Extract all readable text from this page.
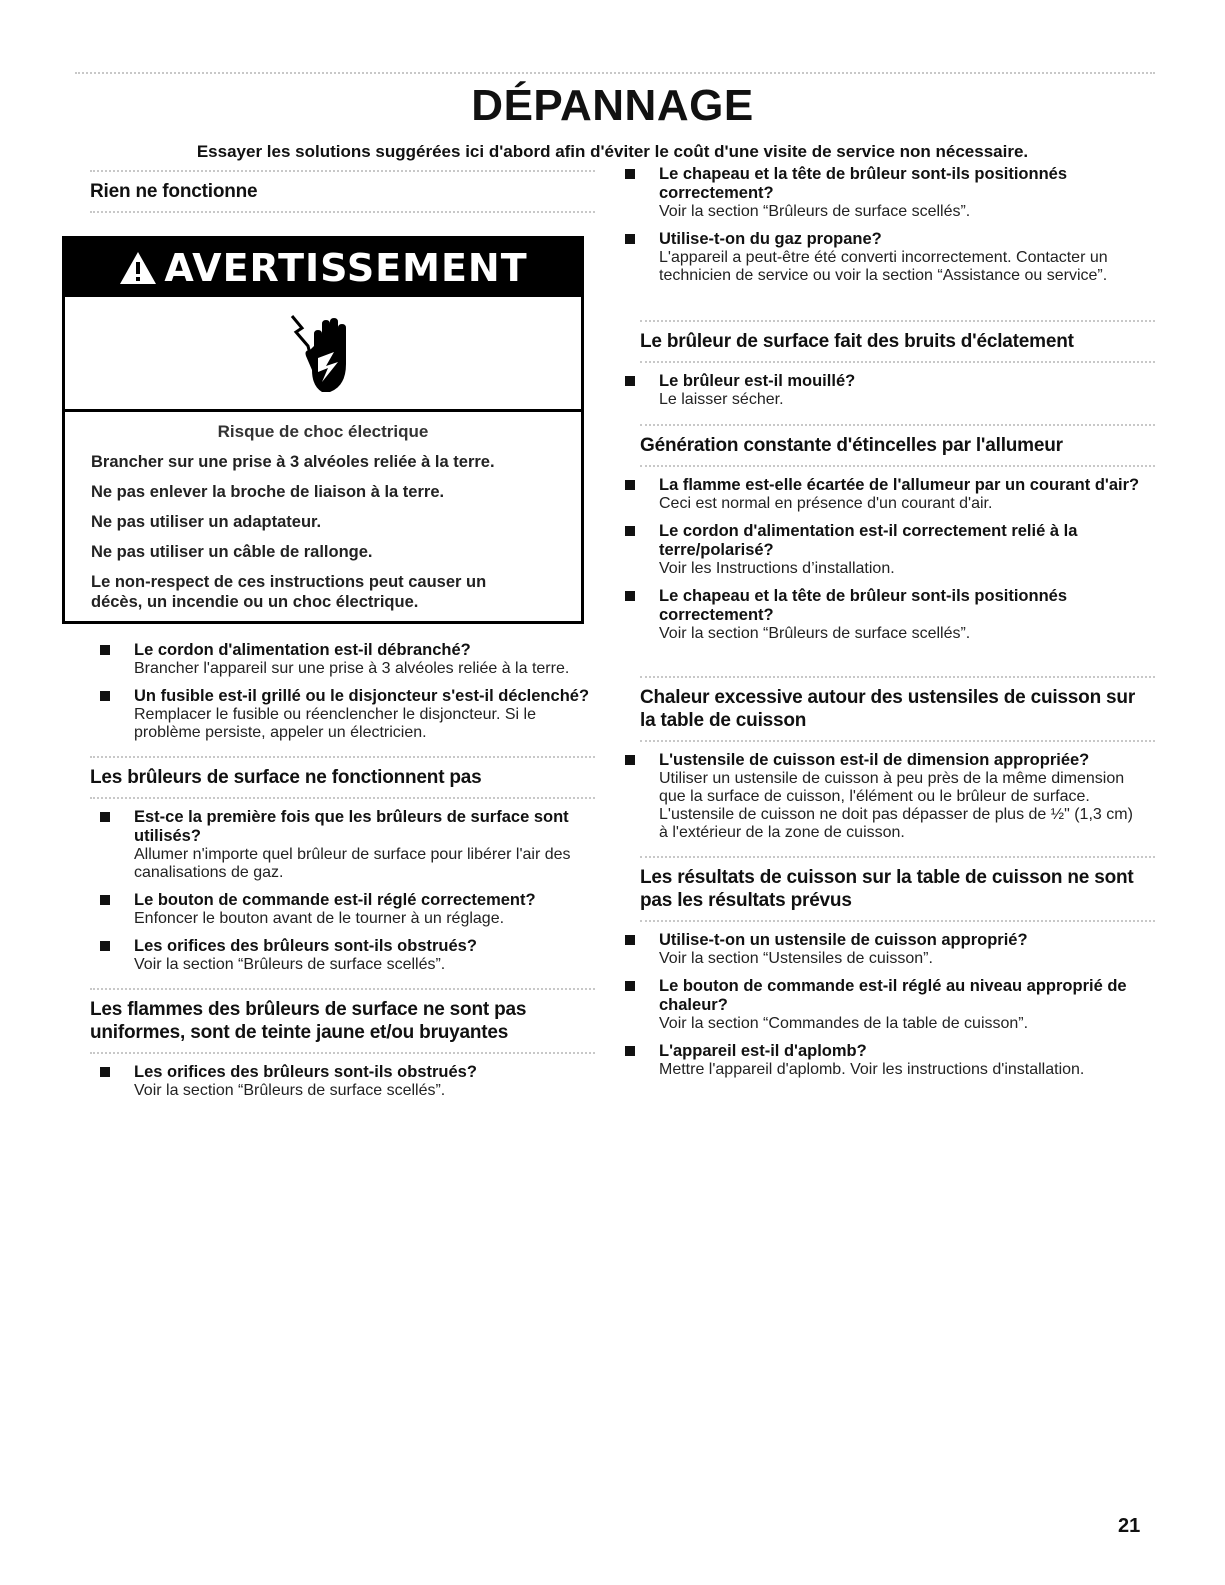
DÉPANNAGE
Essayer les solutions suggérées ici d'abord afin d'éviter le coût d'une visite de service non nécessaire.
Rien ne fonctionne
AVERTISSEMENT
Risque de choc électrique
Brancher sur une prise à 3 alvéoles reliée à la terre.
Ne pas enlever la broche de liaison à la terre.
Ne pas utiliser un adaptateur.
Ne pas utiliser un câble de rallonge.
Le non-respect de ces instructions peut causer un décès, un incendie ou un choc électrique.
Le cordon d'alimentation est-il débranché?
Brancher l'appareil sur une prise à 3 alvéoles reliée à la terre.
Un fusible est-il grillé ou le disjoncteur s'est-il déclenché?
Remplacer le fusible ou réenclencher le disjoncteur. Si le problème persiste, appeler un électricien.
Les brûleurs de surface ne fonctionnent pas
Est-ce la première fois que les brûleurs de surface sont utilisés?
Allumer n'importe quel brûleur de surface pour libérer l'air des canalisations de gaz.
Le bouton de commande est-il réglé correctement?
Enfoncer le bouton avant de le tourner à un réglage.
Les orifices des brûleurs sont-ils obstrués?
Voir la section “Brûleurs de surface scellés”.
Les flammes des brûleurs de surface ne sont pas uniformes, sont de teinte jaune et/ou bruyantes
Les orifices des brûleurs sont-ils obstrués?
Voir la section “Brûleurs de surface scellés”.
Le chapeau et la tête de brûleur sont-ils positionnés correctement?
Voir la section “Brûleurs de surface scellés”.
Utilise-t-on du gaz propane?
L'appareil a peut-être été converti incorrectement. Contacter un technicien de service ou voir la section “Assistance ou service”.
Le brûleur de surface fait des bruits d'éclatement
Le brûleur est-il mouillé?
Le laisser sécher.
Génération constante d'étincelles par l'allumeur
La flamme est-elle écartée de l'allumeur par un courant d'air?
Ceci est normal en présence d'un courant d'air.
Le cordon d'alimentation est-il correctement relié à la terre/polarisé?
Voir les Instructions d’installation.
Le chapeau et la tête de brûleur sont-ils positionnés correctement?
Voir la section “Brûleurs de surface scellés”.
Chaleur excessive autour des ustensiles de cuisson sur la table de cuisson
L'ustensile de cuisson est-il de dimension appropriée?
Utiliser un ustensile de cuisson à peu près de la même dimension que la surface de cuisson, l'élément ou le brûleur de surface. L'ustensile de cuisson ne doit pas dépasser de plus de ½" (1,3 cm) à l'extérieur de la zone de cuisson.
Les résultats de cuisson sur la table de cuisson ne sont pas les résultats prévus
Utilise-t-on un ustensile de cuisson approprié?
Voir la section “Ustensiles de cuisson”.
Le bouton de commande est-il réglé au niveau approprié de chaleur?
Voir la section “Commandes de la table de cuisson”.
L'appareil est-il d'aplomb?
Mettre l'appareil d'aplomb. Voir les instructions d'installation.
21
